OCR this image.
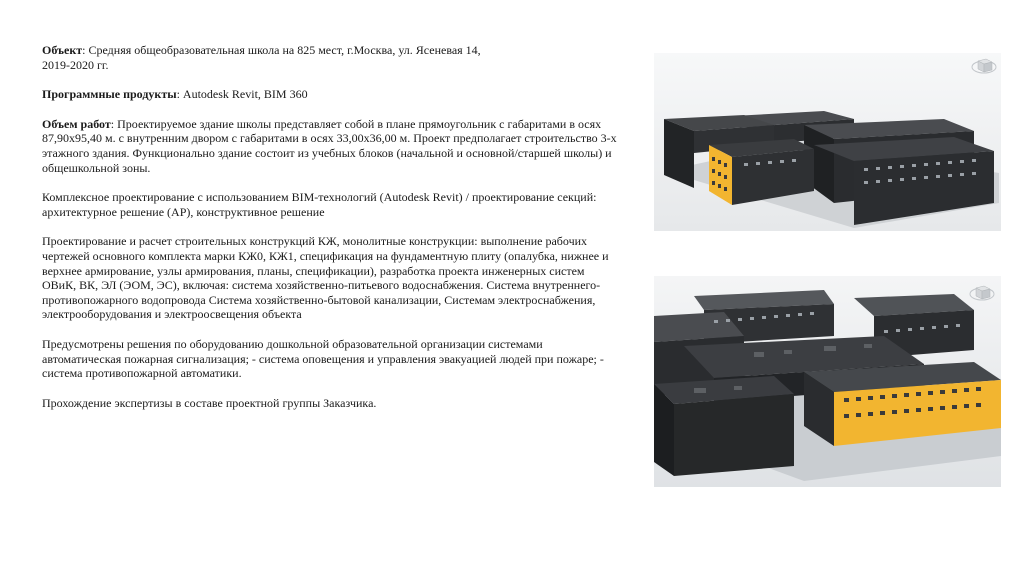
Объект: Средняя общеобразовательная школа на 825 мест, г.Москва, ул. Ясеневая 14,
2019-2020 гг.

Программные продукты: Autodesk Revit, BIM 360

Объем работ: Проектируемое здание школы представляет собой в плане прямоугольник с габаритами в осях 87,90х95,40 м. с внутренним двором с габаритами в осях 33,00х36,00 м. Проект предполагает строительство 3-х этажного здания. Функционально здание состоит из учебных блоков (начальной и основной/старшей школы) и общешкольной зоны.

Комплексное проектирование с использованием BIM-технологий (Autodesk Revit) / проектирование секций: архитектурное решение (АР), конструктивное решение

Проектирование и расчет строительных конструкций КЖ, монолитные конструкции: выполнение рабочих чертежей основного комплекта марки КЖ0, КЖ1, спецификация на фундаментную плиту (опалубка, нижнее и верхнее армирование, узлы армирования, планы, спецификации), разработка проекта инженерных систем ОВиК, ВК, ЭЛ (ЭОМ, ЭС), включая: система хозяйственно-питьевого водоснабжения. Система внутреннего-противопожарного водопровода Система хозяйственно-бытовой канализации, Системам электроснабжения, электрооборудования и электроосвещения объекта

Предусмотрены решения по оборудованию дошкольной образовательной организации системами автоматическая пожарная сигнализация; - система оповещения и управления эвакуацией людей при пожаре; - система противопожарной автоматики.

Прохождение экспертизы в составе проектной группы Заказчика.
